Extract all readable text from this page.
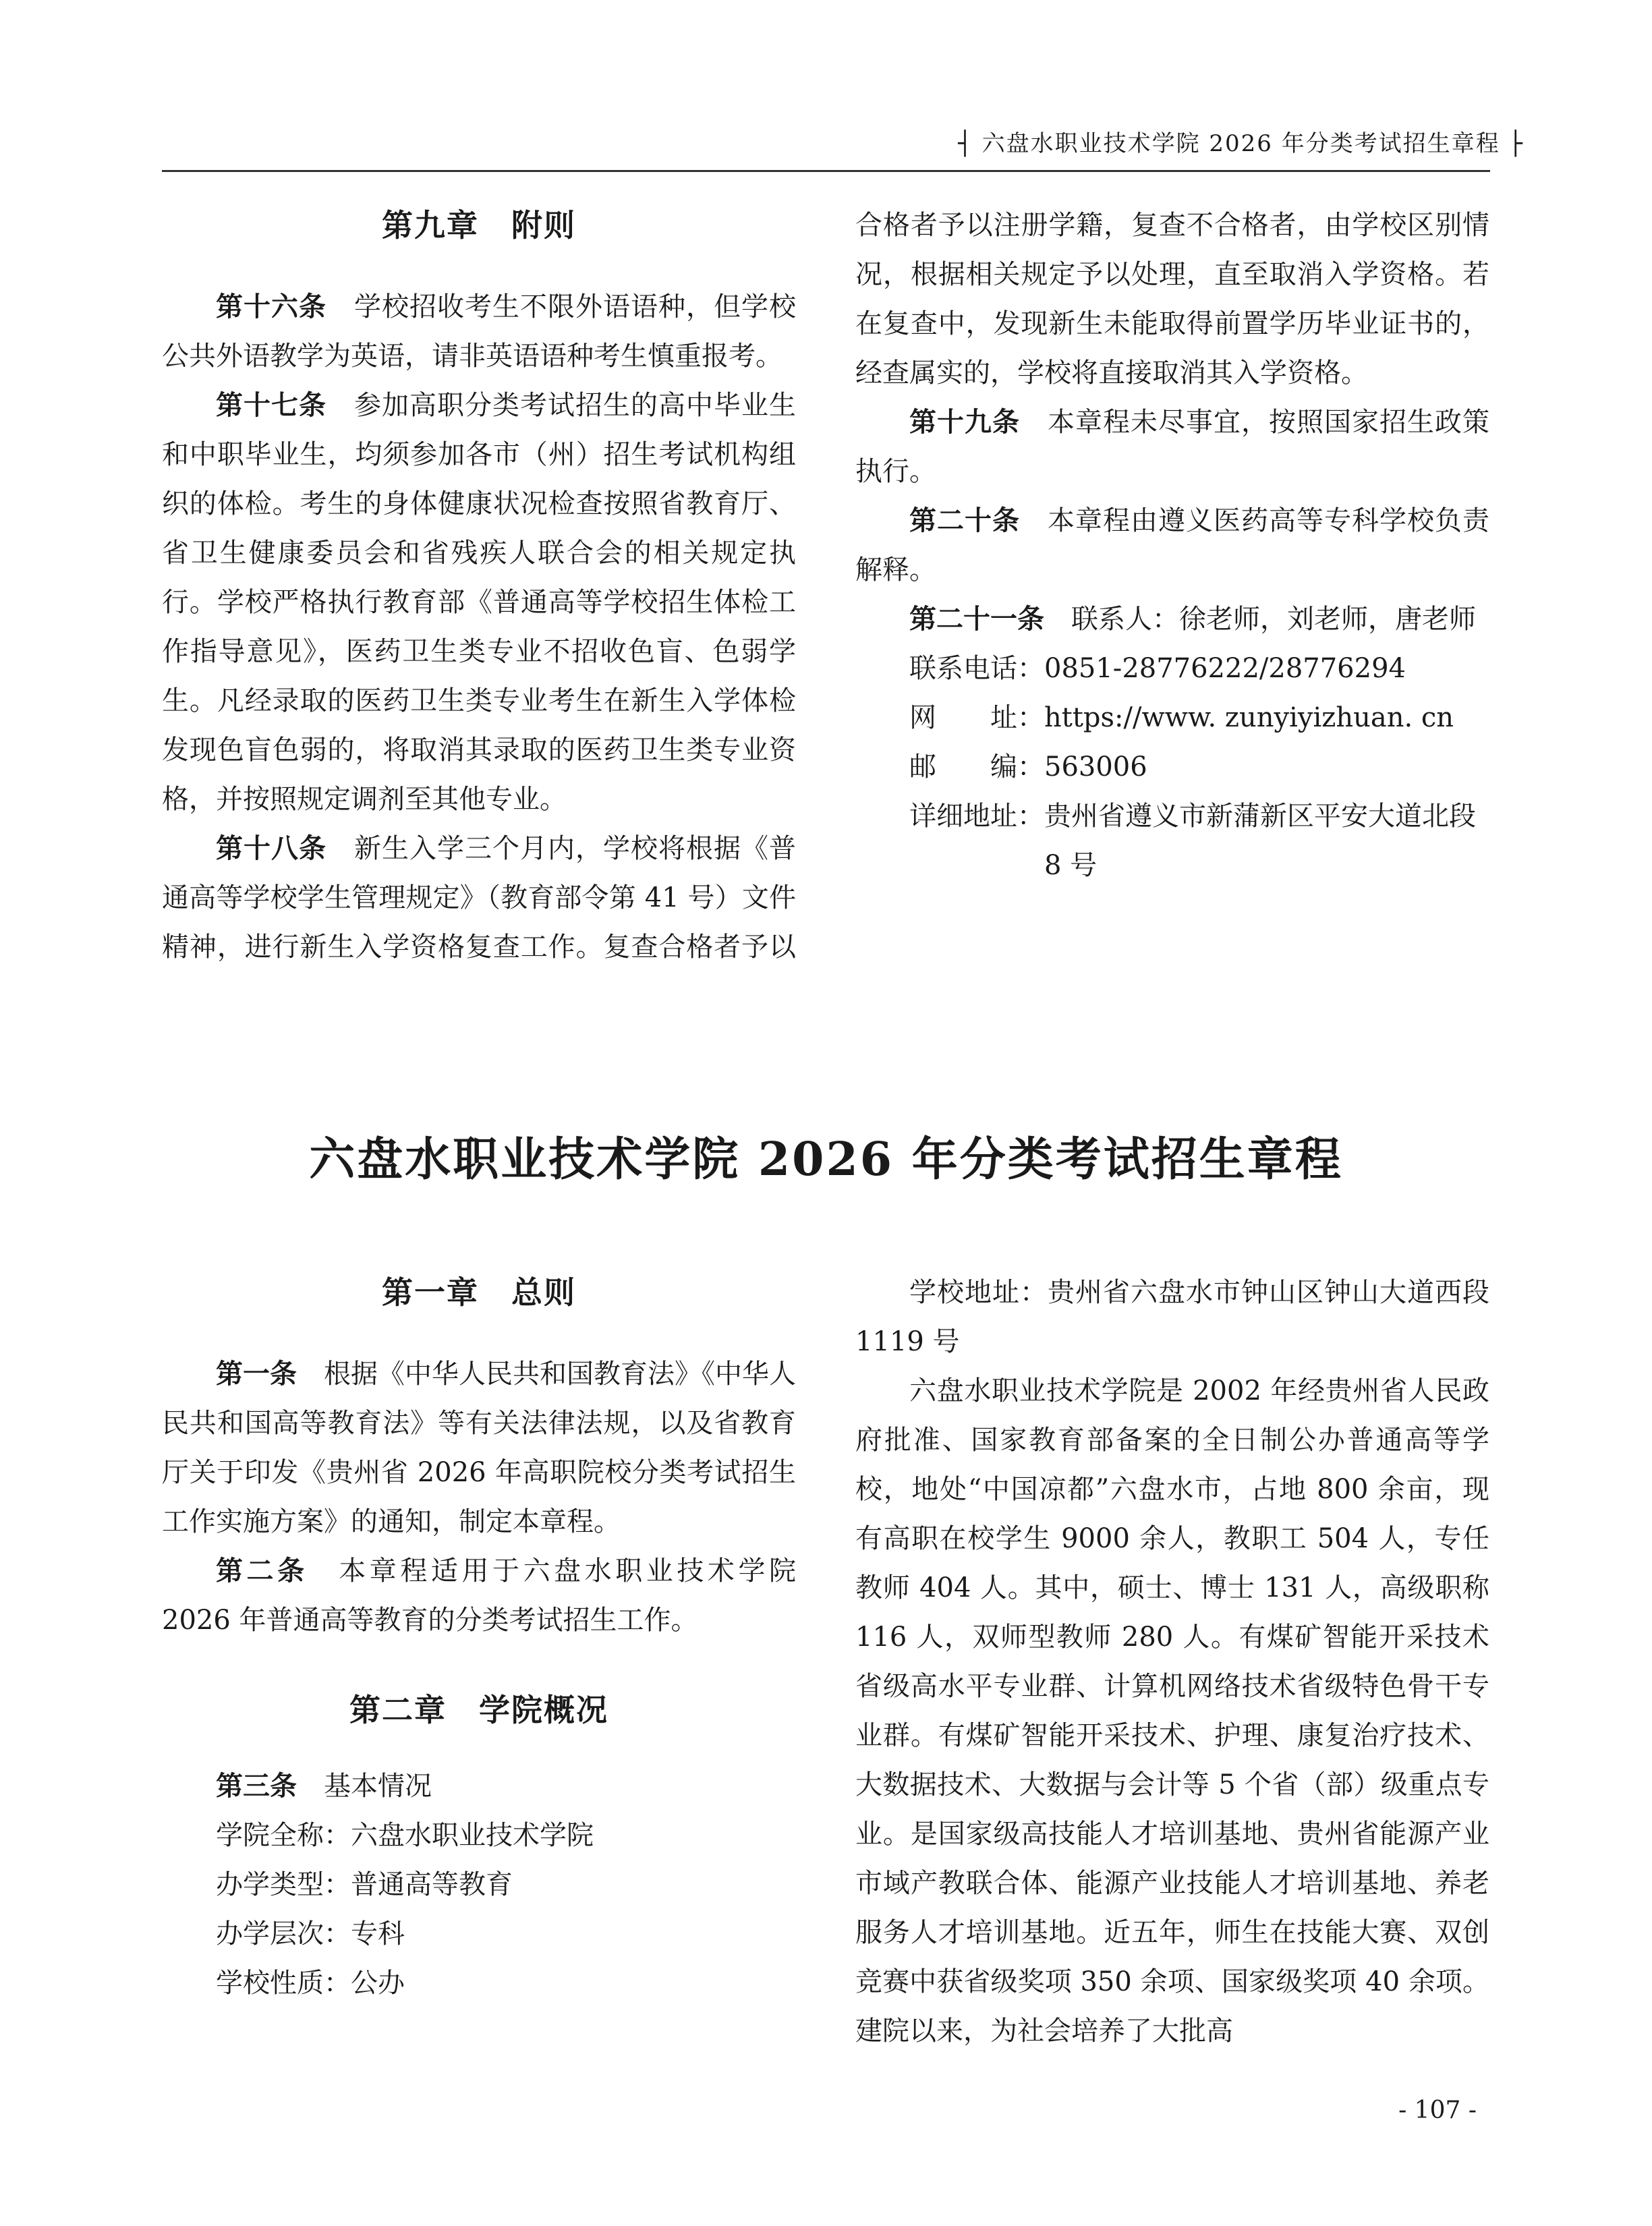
┤ 六盘水职业技术学院 2026 年分类考试招生章程 ├
第九章　附则

第十六条　 学校招收考生不限外语语种，但学校公共外语教学为英语，请非英语语种考生慎重报考。

第十七条　 参加高职分类考试招生的高中毕业生和中职毕业生，均须参加各市（州）招生考试机构组织的体检。考生的身体健康状况检查按照省教育厅、省卫生健康委员会和省残疾人联合会的相关规定执行。学校严格执行教育部《普通高等学校招生体检工作指导意见》，医药卫生类专业不招收色盲、色弱学生。凡经录取的医药卫生类专业考生在新生入学体检发现色盲色弱的，将取消其录取的医药卫生类专业资格，并按照规定调剂至其他专业。

第十八条　 新生入学三个月内，学校将根据《普通高等学校学生管理规定》（教育部令第 41 号）文件精神，进行新生入学资格复查工作。复查合格者予以

合格者予以注册学籍，复查不合格者，由学校区别情况，根据相关规定予以处理，直至取消入学资格。若在复查中，发现新生未能取得前置学历毕业证书的，经查属实的，学校将直接取消其入学资格。

第十九条　 本章程未尽事宜，按照国家招生政策执行。

第二十条　 本章程由遵义医药高等专科学校负责解释。

第二十一条　 联系人：徐老师，刘老师，唐老师

联系电话：0851-28776222/28776294
网　　址：https://www. zunyiyizhuan. cn
邮　　编：563006
详细地址： 贵州省遵义市新蒲新区平安大道北段 8 号
六盘水职业技术学院 2026 年分类考试招生章程
第一章　总则

第一条　 根据《中华人民共和国教育法》《中华人民共和国高等教育法》等有关法律法规，以及省教育厅关于印发《贵州省 2026 年高职院校分类考试招生工作实施方案》的通知，制定本章程。

第二条　 本章程适用于六盘水职业技术学院 2026 年普通高等教育的分类考试招生工作。

第二章　学院概况
第三条　 基本情况
学院全称：六盘水职业技术学院
办学类型：普通高等教育
办学层次：专科
学校性质：公办

学校地址：贵州省六盘水市钟山区钟山大道西段 1119 号

六盘水职业技术学院是 2002 年经贵州省人民政府批准、国家教育部备案的全日制公办普通高等学校，地处“中国凉都”六盘水市，占地 800 余亩，现有高职在校学生 9000 余人，教职工 504 人，专任教师 404 人。其中，硕士、博士 131 人，高级职称 116 人，双师型教师 280 人。有煤矿智能开采技术省级高水平专业群、计算机网络技术省级特色骨干专业群。有煤矿智能开采技术、护理、康复治疗技术、大数据技术、大数据与会计等 5 个省（部）级重点专业。是国家级高技能人才培训基地、贵州省能源产业市域产教联合体、能源产业技能人才培训基地、养老服务人才培训基地。近五年，师生在技能大赛、双创竞赛中获省级奖项 350 余项、国家级奖项 40 余项。建院以来，为社会培养了大批高

- 107 -
